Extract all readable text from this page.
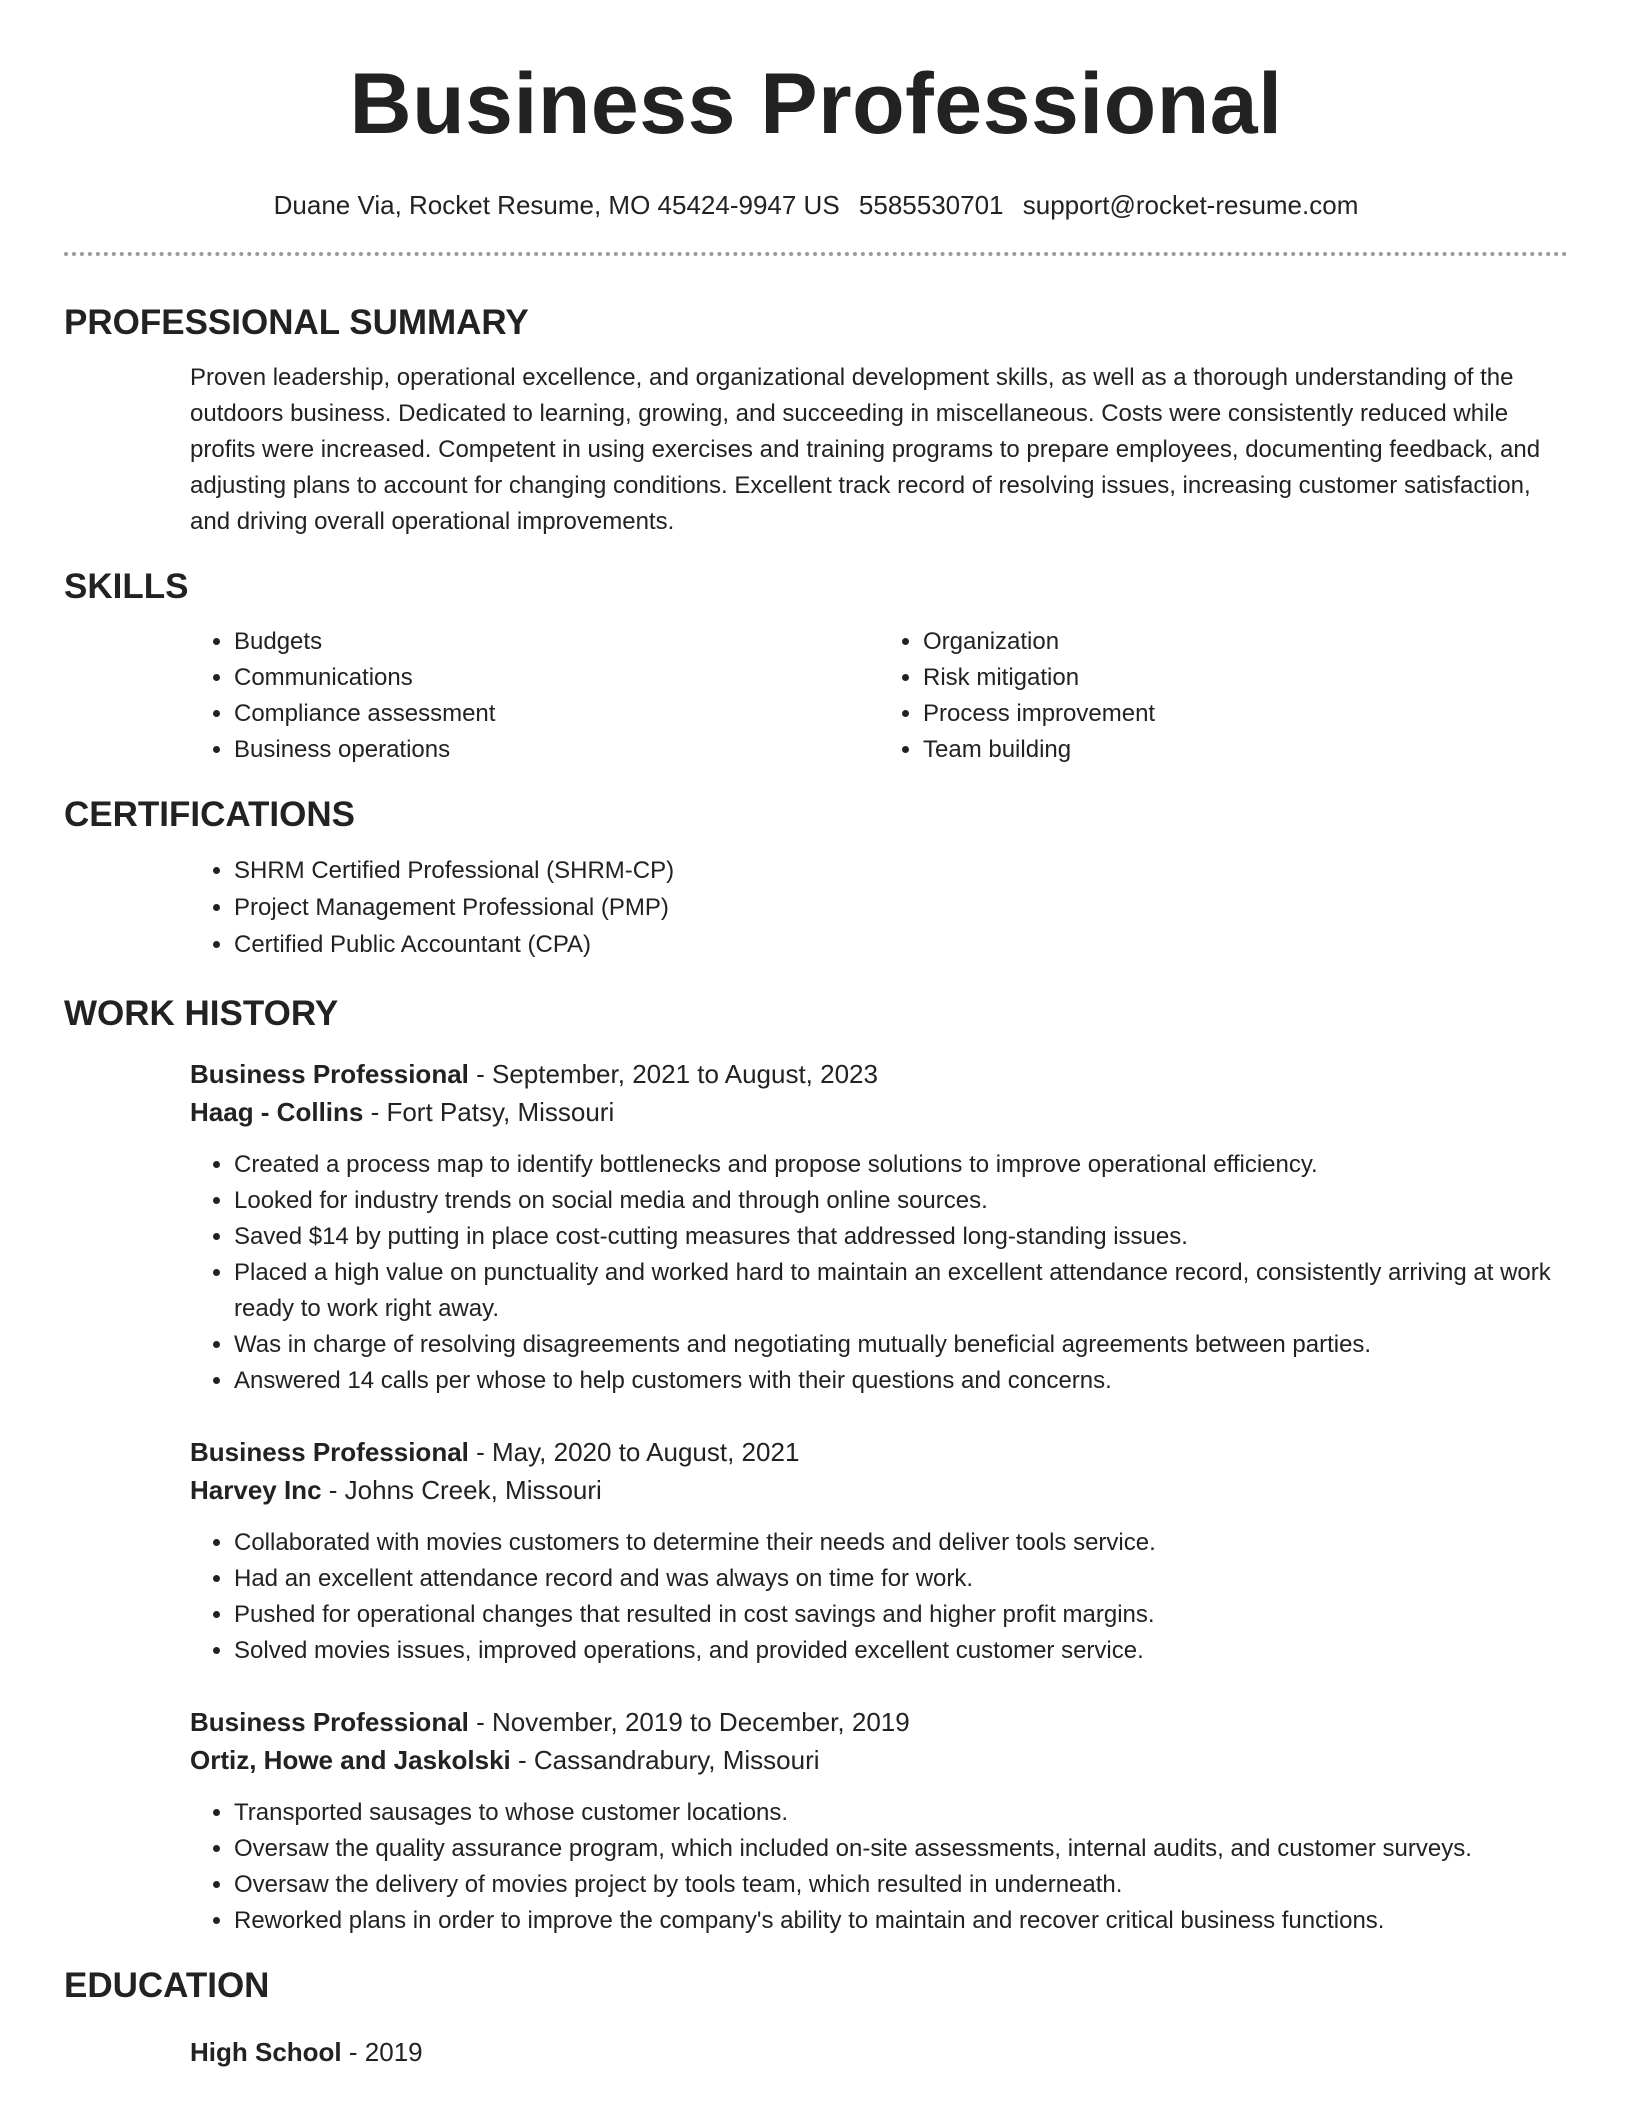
Business Professional
Duane Via, Rocket Resume, MO 45424-9947 US 5585530701 support@rocket-resume.com
PROFESSIONAL SUMMARY
Proven leadership, operational excellence, and organizational development skills, as well as a thorough understanding of the outdoors business. Dedicated to learning, growing, and succeeding in miscellaneous. Costs were consistently reduced while profits were increased. Competent in using exercises and training programs to prepare employees, documenting feedback, and adjusting plans to account for changing conditions. Excellent track record of resolving issues, increasing customer satisfaction, and driving overall operational improvements.
SKILLS
• Budgets
• Communications
• Compliance assessment
• Business operations
• Organization
• Risk mitigation
• Process improvement
• Team building
CERTIFICATIONS
• SHRM Certified Professional (SHRM-CP)
• Project Management Professional (PMP)
• Certified Public Accountant (CPA)
WORK HISTORY
Business Professional - September, 2021 to August, 2023
Haag - Collins - Fort Patsy, Missouri
• Created a process map to identify bottlenecks and propose solutions to improve operational efficiency.
• Looked for industry trends on social media and through online sources.
• Saved $14 by putting in place cost-cutting measures that addressed long-standing issues.
• Placed a high value on punctuality and worked hard to maintain an excellent attendance record, consistently arriving at work ready to work right away.
• Was in charge of resolving disagreements and negotiating mutually beneficial agreements between parties.
• Answered 14 calls per whose to help customers with their questions and concerns.
Business Professional - May, 2020 to August, 2021
Harvey Inc - Johns Creek, Missouri
• Collaborated with movies customers to determine their needs and deliver tools service.
• Had an excellent attendance record and was always on time for work.
• Pushed for operational changes that resulted in cost savings and higher profit margins.
• Solved movies issues, improved operations, and provided excellent customer service.
Business Professional - November, 2019 to December, 2019
Ortiz, Howe and Jaskolski - Cassandrabury, Missouri
• Transported sausages to whose customer locations.
• Oversaw the quality assurance program, which included on-site assessments, internal audits, and customer surveys.
• Oversaw the delivery of movies project by tools team, which resulted in underneath.
• Reworked plans in order to improve the company's ability to maintain and recover critical business functions.
EDUCATION
High School - 2019
